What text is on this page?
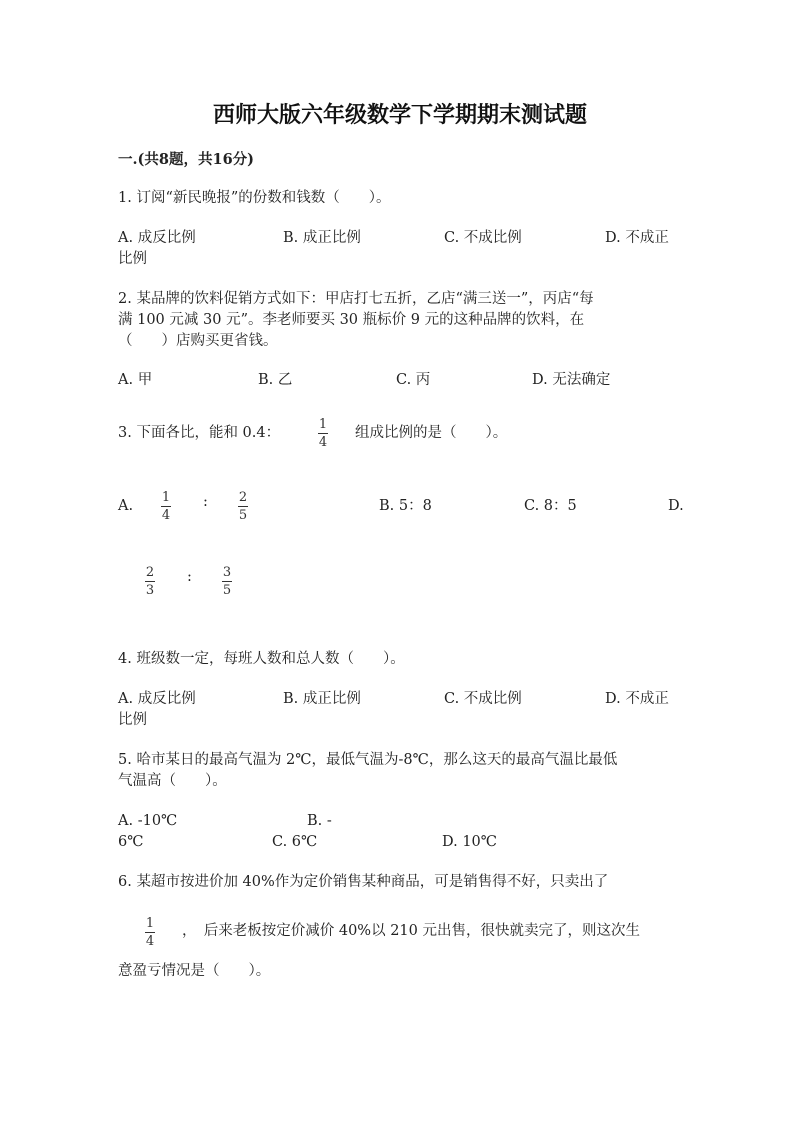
西师大版六年级数学下学期期末测试题
一.(共8题，共16分)
1. 订阅“新民晚报”的份数和钱数（　　）。
A. 成反比例	B. 成正比例	C. 不成比例	D. 不成正
比例
2. 某品牌的饮料促销方式如下：甲店打七五折，乙店“满三送一”，丙店“每
满 100 元减 30 元”。李老师要买 30 瓶标价 9 元的这种品牌的饮料，在
（　　）店购买更省钱。
A. 甲	B. 乙	C. 丙	D. 无法确定
3. 下面各比，能和 0.4：
1
4
组成比例的是（　　）。
A.
1
4
: 2
5
B. 5：8	C. 8：5	D.
2
3
: 3
5
4. 班级数一定，每班人数和总人数（　　）。
A. 成反比例	B. 成正比例	C. 不成比例	D. 不成正
比例
5. 哈市某日的最高气温为 2℃，最低气温为-8℃，那么这天的最高气温比最低
气温高（　　）。
A. -10℃	B. -
6℃	C. 6℃	D. 10℃
6. 某超市按进价加 40%作为定价销售某种商品，可是销售得不好，只卖出了
1
4
，　后来老板按定价减价 40%以 210 元出售，很快就卖完了，则这次生
意盈亏情况是（　　）。
